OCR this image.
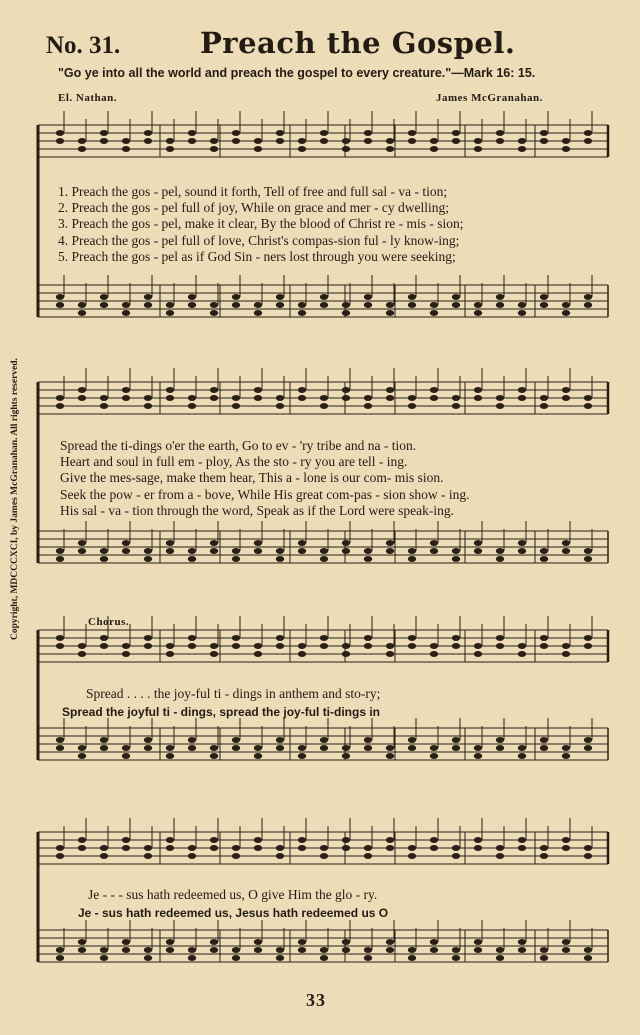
No. 31.	Preach the Gospel.
"Go ye into all the world and preach the gospel to every creature."—Mark 16: 15.
El. Nathan.	James McGranahan.
Copyright, MDCCCXCI, by James McGranahan. All rights reserved.
1. Preach the gos - pel, sound it forth, Tell of free and full sal - va - tion;
2. Preach the gos - pel full of joy, While on grace and mer - cy dwelling;
3. Preach the gos - pel, make it clear, By the blood of Christ re - mis - sion;
4. Preach the gos - pel full of love, Christ's compas-sion ful - ly know-ing;
5. Preach the gos - pel as if God Sin - ners lost through you were seeking;
Spread the ti-dings o'er the earth, Go to ev - 'ry tribe and na - tion.
Heart and soul in full em - ploy, As the sto - ry you are tell - ing.
Give the mes-sage, make them hear, This a - lone is our com- mis sion.
Seek the pow - er from a - bove, While His great com-pas - sion show - ing.
His sal - va - tion through the word, Speak as if the Lord were speak-ing.
Chorus.
Spread . . . . the joy-ful ti - dings in anthem and sto-ry;
Spread the joyful ti - dings, spread the joy-ful ti-dings in
Je - - - sus hath redeemed us, O give Him the glo - ry.
Je - sus hath redeemed us, Jesus hath redeemed us O
33
